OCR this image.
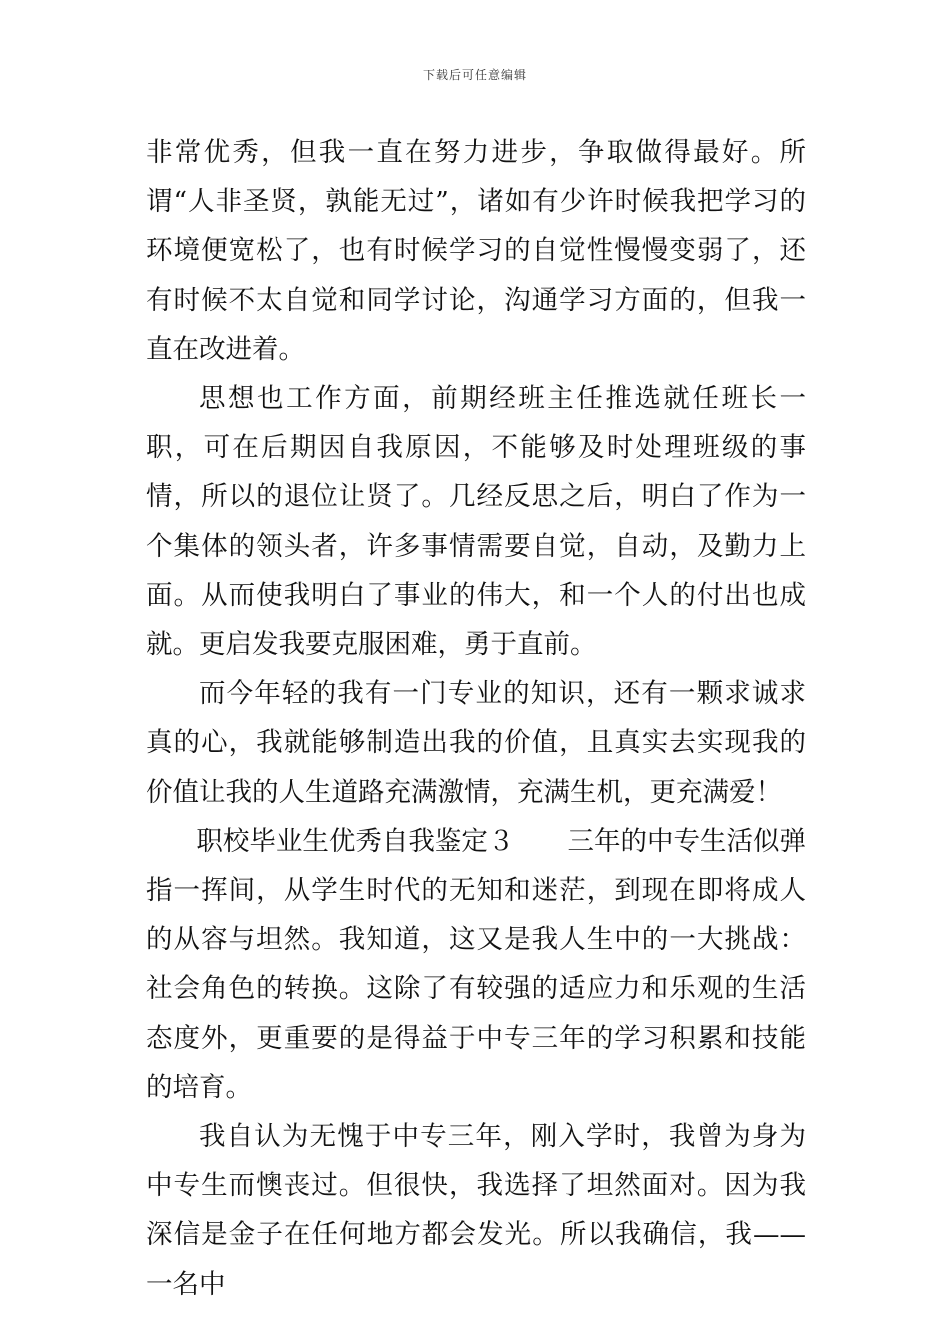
下载后可任意编辑

非常优秀，但我一直在努力进步，争取做得最好。所谓“人非圣贤，孰能无过”，诸如有少许时候我把学习的环境便宽松了，也有时候学习的自觉性慢慢变弱了，还有时候不太自觉和同学讨论，沟通学习方面的，但我一直在改进着。

思想也工作方面，前期经班主任推选就任班长一职，可在后期因自我原因，不能够及时处理班级的事情，所以的退位让贤了。几经反思之后，明白了作为一个集体的领头者，许多事情需要自觉，自动，及勤力上面。从而使我明白了事业的伟大，和一个人的付出也成就。更启发我要克服困难，勇于直前。

而今年轻的我有一门专业的知识，还有一颗求诚求真的心，我就能够制造出我的价值，且真实去实现我的价值让我的人生道路充满激情，充满生机，更充满爱！

职校毕业生优秀自我鉴定３　　三年的中专生活似弹指一挥间，从学生时代的无知和迷茫，到现在即将成人的从容与坦然。我知道，这又是我人生中的一大挑战：社会角色的转换。这除了有较强的适应力和乐观的生活态度外，更重要的是得益于中专三年的学习积累和技能的培育。

我自认为无愧于中专三年，刚入学时，我曾为身为中专生而懊丧过。但很快，我选择了坦然面对。因为我深信是金子在任何地方都会发光。所以我确信，我——一名中
